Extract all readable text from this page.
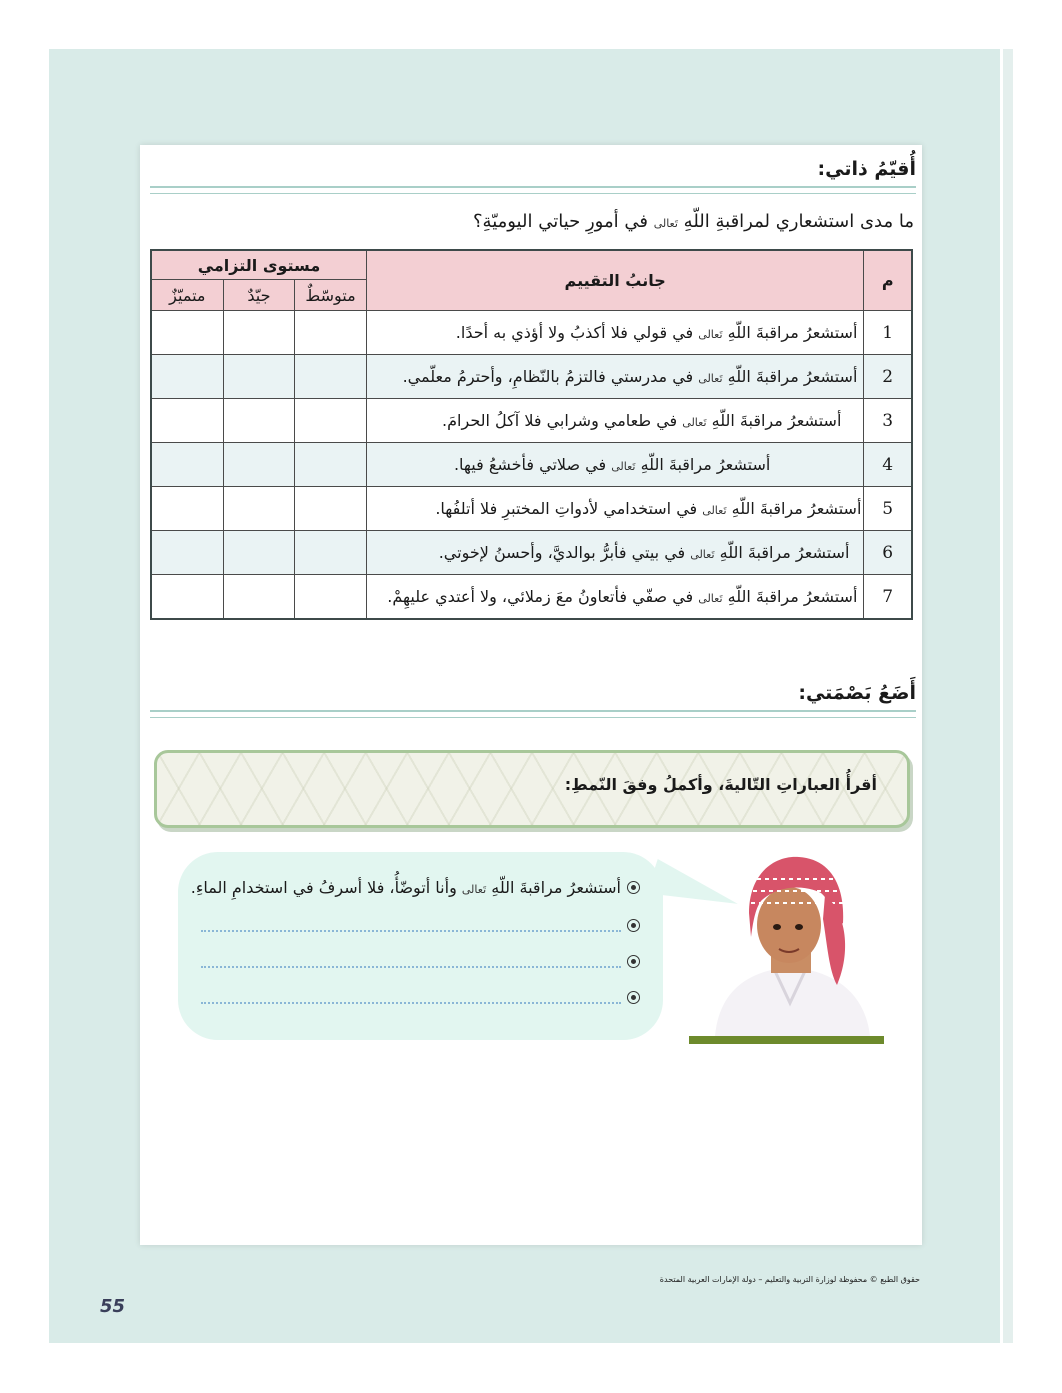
أُقيّمُ ذاتي:
ما مدى استشعاري لمراقبةِ اللّهِ تَعالى في أمورِ حياتي اليوميّةِ؟
م	جانبُ التقييم	مستوى التزامي		
		متوسّطٌ	جيّدٌ	متميّزٌ
1	أستشعرُ مراقبةَ اللّهِ تَعالى في قولي فلا أكذبُ ولا أؤذي به أحدًا.			
2	أستشعرُ مراقبةَ اللّهِ تَعالى في مدرستي فالتزمُ بالنّظامِ، وأحترمُ معلّمي.			
3	أستشعرُ مراقبةَ اللّهِ تَعالى في طعامي وشرابي فلا آكلُ الحرامَ.			
4	أستشعرُ مراقبةَ اللّهِ تَعالى في صلاتي فأخشعُ فيها.			
5	أستشعرُ مراقبةَ اللّهِ تَعالى في استخدامي لأدواتِ المختبرِ فلا أتلفُها.			
6	أستشعرُ مراقبةَ اللّهِ تَعالى في بيتي فأبرُّ بوالديَّ، وأحسنُ لإخوتي.			
7	أستشعرُ مراقبةَ اللّهِ تَعالى في صفّي فأتعاونُ معَ زملائي، ولا أعتدي عليهِمْ.			
أَضَعُ بَصْمَتي:
أقرأُ العباراتِ التّاليةَ، وأكملُ وفقَ النّمطِ:
أستشعرُ مراقبةَ اللّهِ تَعالى وأنا أتوضّأُ، فلا أسرفُ في استخدامِ الماءِ.
حقوق الطبع © محفوظة لوزارة التربية والتعليم – دولة الإمارات العربية المتحدة
55
